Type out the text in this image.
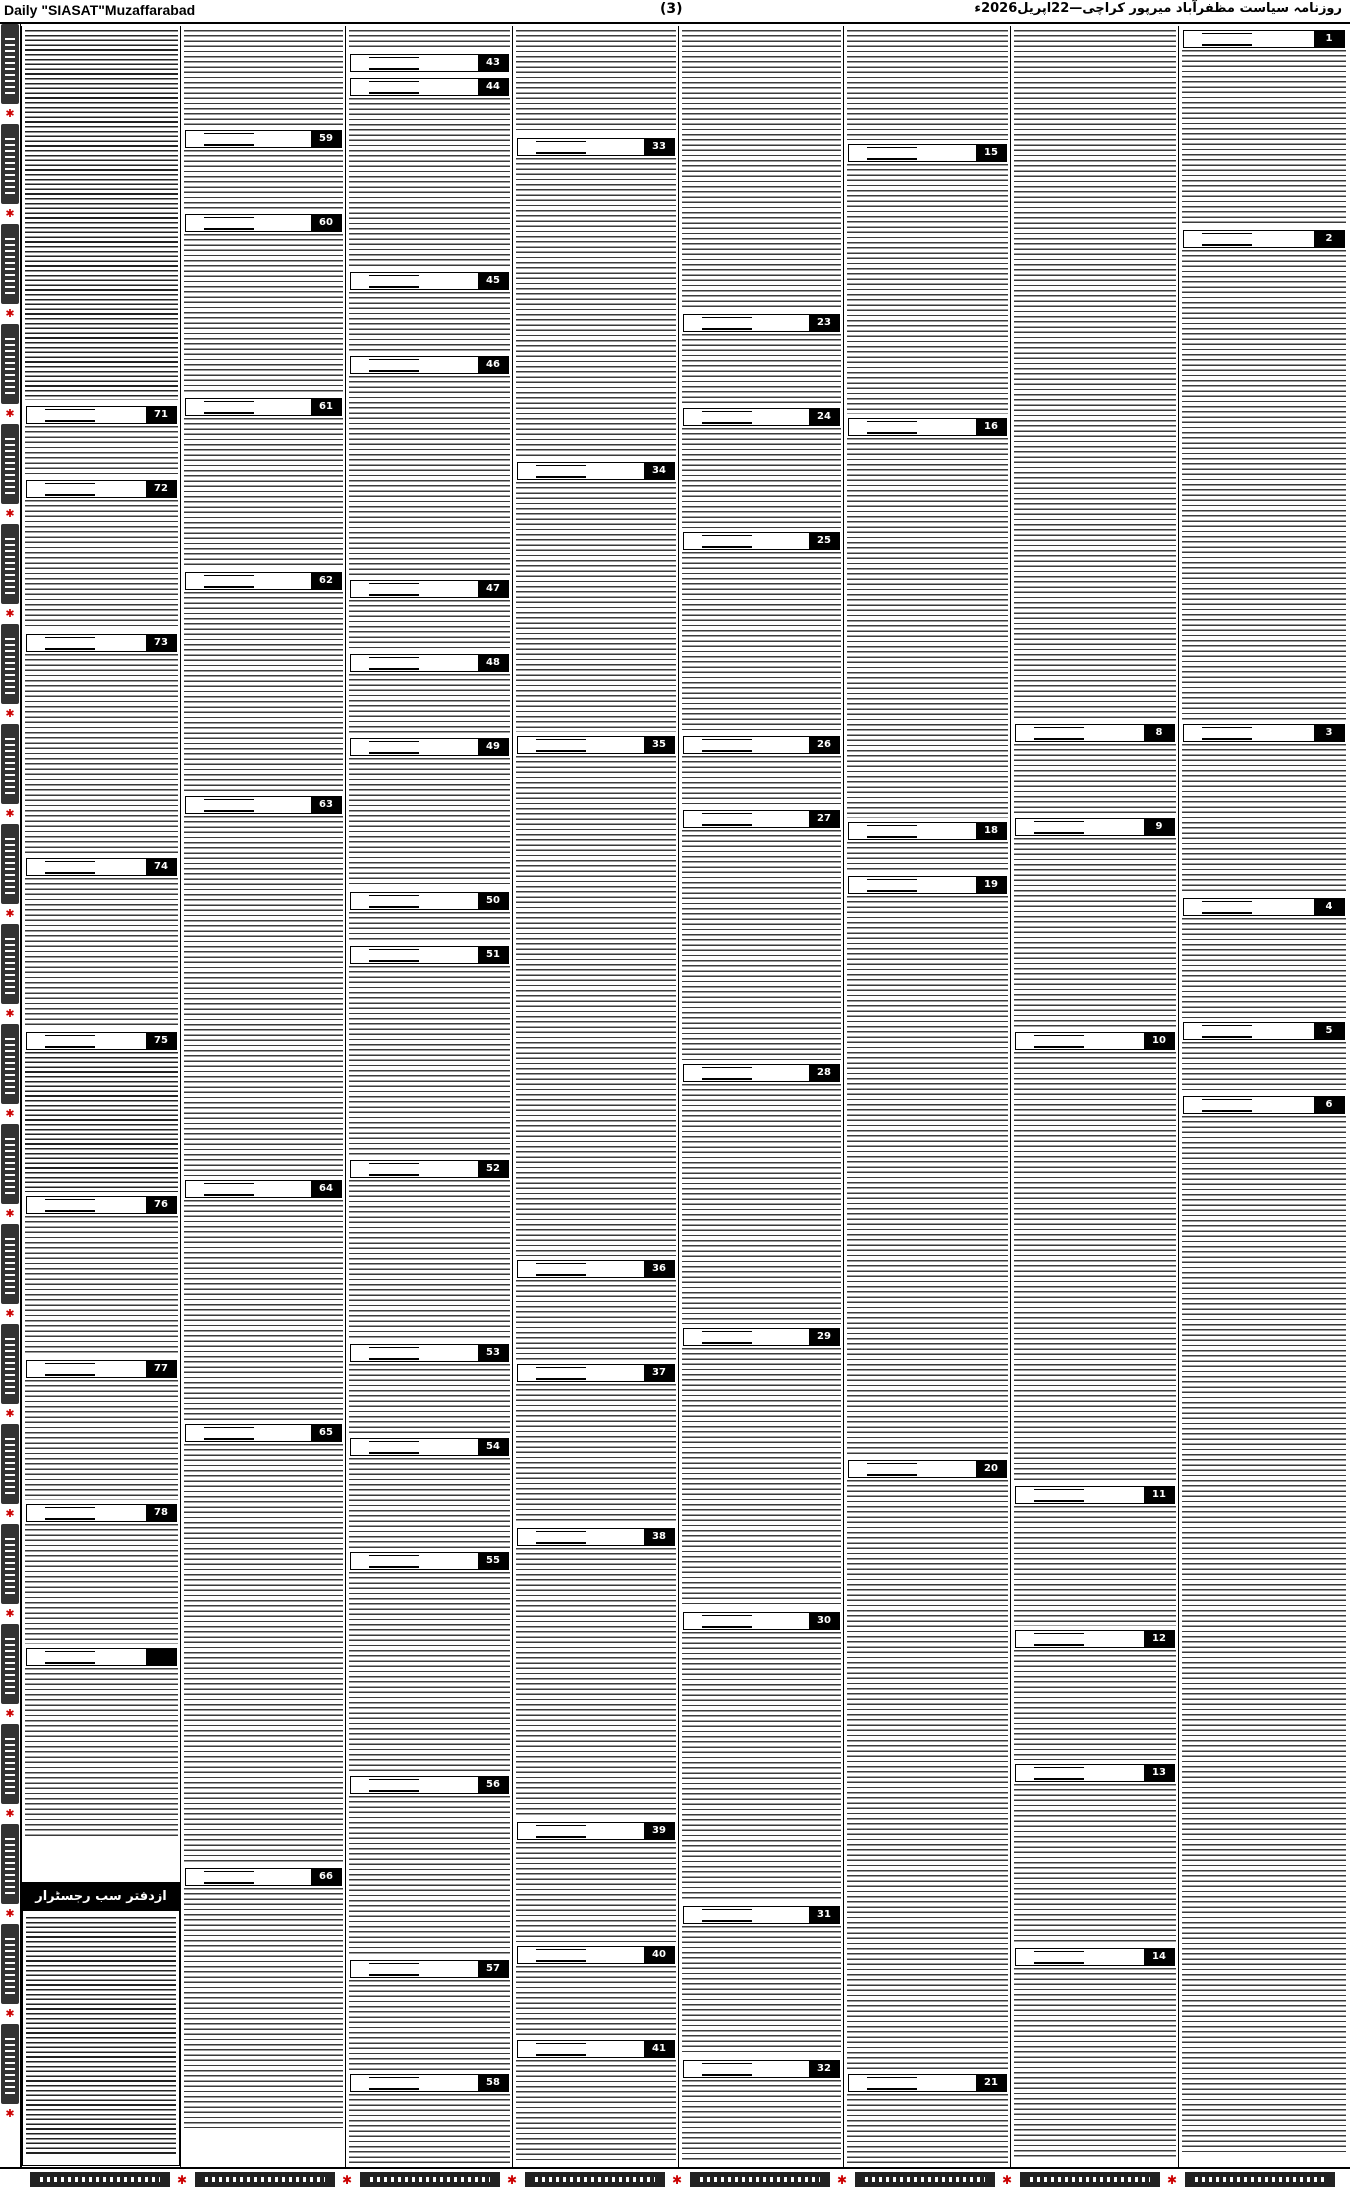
Daily "SIASAT"Muzaffarabad	(3)	روزنامہ سیاست مظفرآباد میرپور کراچی—22اپریل2026ء
✱
✱
✱
✱
✱
✱
✱
✱
✱
✱
✱
✱
✱
✱
✱
✱
✱
✱
✱
✱
✱
71
72
73
74
75
76
77
78
ازدفتر سب رجسٹرار
59
60
61
62
63
64
65
66
43
44
45
46
47
48
49
50
51
52
53
54
55
56
57
58
33
34
35
36
37
38
39
40
41
23
24
25
26
27
28
29
30
31
32
15
16
18
19
20
21
8
9
10
11
12
13
14
1
2
3
4
5
6
✱	✱	✱	✱	✱	✱	✱
